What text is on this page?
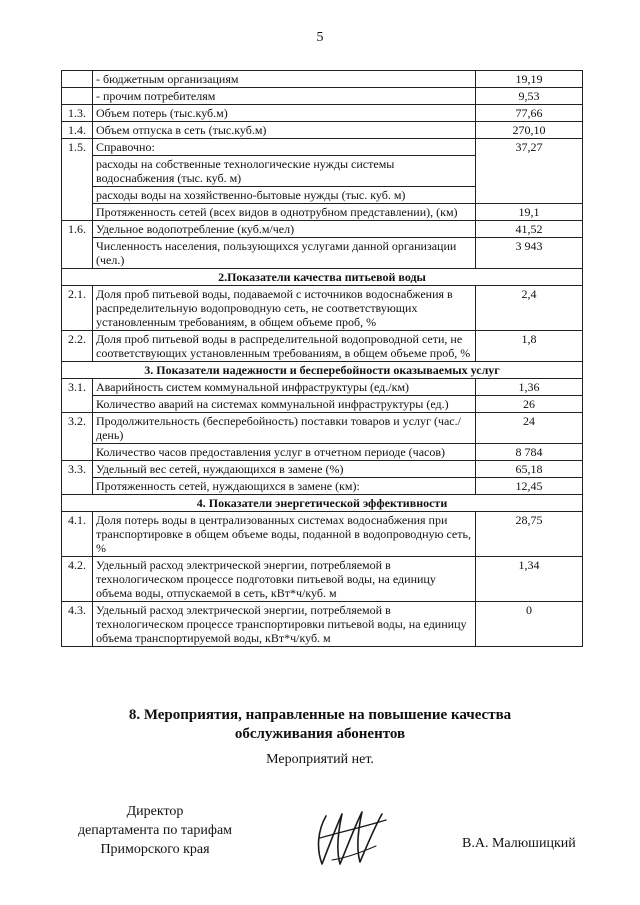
5
	- бюджетным организациям	19,19
	- прочим потребителям	9,53
1.3.	Объем потерь (тыс.куб.м)	77,66
1.4.	Объем отпуска в сеть (тыс.куб.м)	270,10
1.5.	Справочно:	37,27
	расходы на собственные технологические нужды системы водоснабжения (тыс. куб. м)	
	расходы воды на хозяйственно-бытовые нужды (тыс. куб. м)	
	Протяженность сетей (всех видов в однотрубном представлении), (км)	19,1
1.6.	Удельное водопотребление (куб.м/чел)	41,52
	Численность населения, пользующихся услугами данной организации (чел.)	3 943
2.Показатели качества питьевой воды		
2.1.	Доля проб питьевой воды, подаваемой с источников водоснабжения в распределительную водопроводную сеть, не соответствующих установленным требованиям, в общем объеме проб, %	2,4
2.2.	Доля проб питьевой воды в распределительной водопроводной сети, не соответствующих установленным требованиям, в общем объеме проб, %	1,8
3. Показатели надежности и бесперебойности оказываемых услуг		
3.1.	Аварийность систем коммунальной инфраструктуры (ед./км)	1,36
	Количество аварий на системах коммунальной инфраструктуры (ед.)	26
3.2.	Продолжительность (бесперебойность) поставки товаров и услуг (час./день)	24
	Количество часов предоставления услуг в отчетном периоде (часов)	8 784
3.3.	Удельный вес сетей, нуждающихся в замене (%)	65,18
	Протяженность сетей, нуждающихся в замене (км):	12,45
4. Показатели энергетической эффективности		
4.1.	Доля потерь воды в централизованных системах водоснабжения при транспортировке в общем объеме воды, поданной в водопроводную сеть, %	28,75
4.2.	Удельный расход электрической энергии, потребляемой в технологическом процессе подготовки питьевой воды, на единицу объема воды, отпускаемой в сеть, кВт*ч/куб. м	1,34
4.3.	Удельный расход электрической энергии, потребляемой в технологическом процессе транспортировки питьевой воды, на единицу объема транспортируемой воды, кВт*ч/куб. м	0
8. Мероприятия, направленные на повышение качества
обслуживания абонентов
Мероприятий нет.
Директор
департамента по тарифам
Приморского края	В.А. Малюшицкий
